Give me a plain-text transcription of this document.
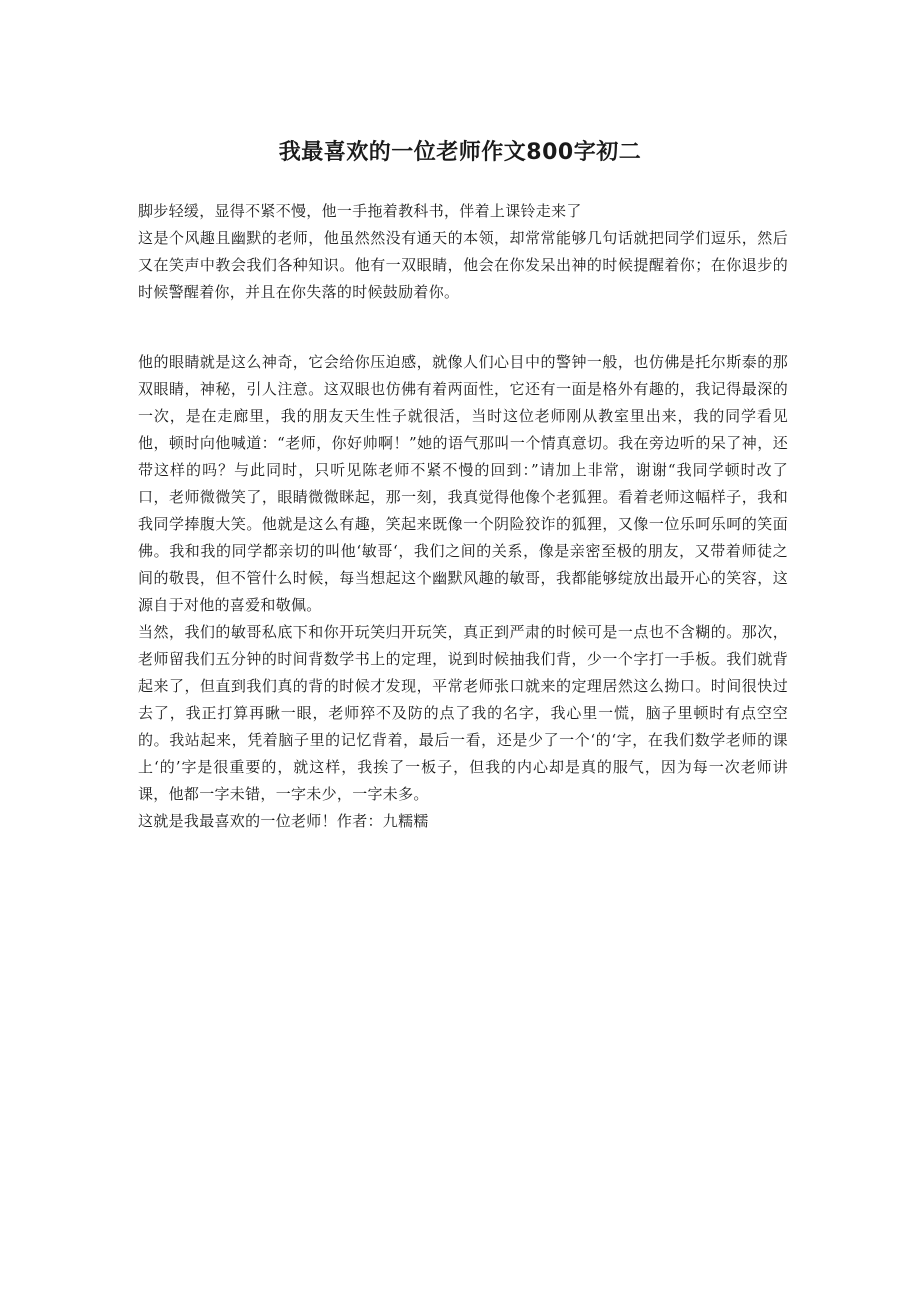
我最喜欢的一位老师作文800字初二

脚步轻缓，显得不紧不慢，他一手拖着教科书，伴着上课铃走来了

这是个风趣且幽默的老师，他虽然然没有通天的本领，却常常能够几句话就把同学们逗乐，然后又在笑声中教会我们各种知识。他有一双眼睛，他会在你发呆出神的时候提醒着你；在你退步的时候警醒着你，并且在你失落的时候鼓励着你。

他的眼睛就是这么神奇，它会给你压迫感，就像人们心目中的警钟一般，也仿佛是托尔斯泰的那双眼睛，神秘，引人注意。这双眼也仿佛有着两面性，它还有一面是格外有趣的，我记得最深的一次，是在走廊里，我的朋友天生性子就很活，当时这位老师刚从教室里出来，我的同学看见他，顿时向他喊道：“老师，你好帅啊！”她的语气那叫一个情真意切。我在旁边听的呆了神，还带这样的吗？与此同时，只听见陈老师不紧不慢的回到：”请加上非常，谢谢“我同学顿时改了口，老师微微笑了，眼睛微微眯起，那一刻，我真觉得他像个老狐狸。看着老师这幅样子，我和我同学捧腹大笑。他就是这么有趣，笑起来既像一个阴险狡诈的狐狸，又像一位乐呵乐呵的笑面佛。我和我的同学都亲切的叫他‘敏哥‘，我们之间的关系，像是亲密至极的朋友，又带着师徒之间的敬畏，但不管什么时候，每当想起这个幽默风趣的敏哥，我都能够绽放出最开心的笑容，这源自于对他的喜爱和敬佩。

当然，我们的敏哥私底下和你开玩笑归开玩笑，真正到严肃的时候可是一点也不含糊的。那次，老师留我们五分钟的时间背数学书上的定理，说到时候抽我们背，少一个字打一手板。我们就背起来了，但直到我们真的背的时候才发现，平常老师张口就来的定理居然这么拗口。时间很快过去了，我正打算再瞅一眼，老师猝不及防的点了我的名字，我心里一慌，脑子里顿时有点空空的。我站起来，凭着脑子里的记忆背着，最后一看，还是少了一个‘的‘字，在我们数学老师的课上‘的’字是很重要的，就这样，我挨了一板子，但我的内心却是真的服气，因为每一次老师讲课，他都一字未错，一字未少，一字未多。

这就是我最喜欢的一位老师！作者：九糯糯
